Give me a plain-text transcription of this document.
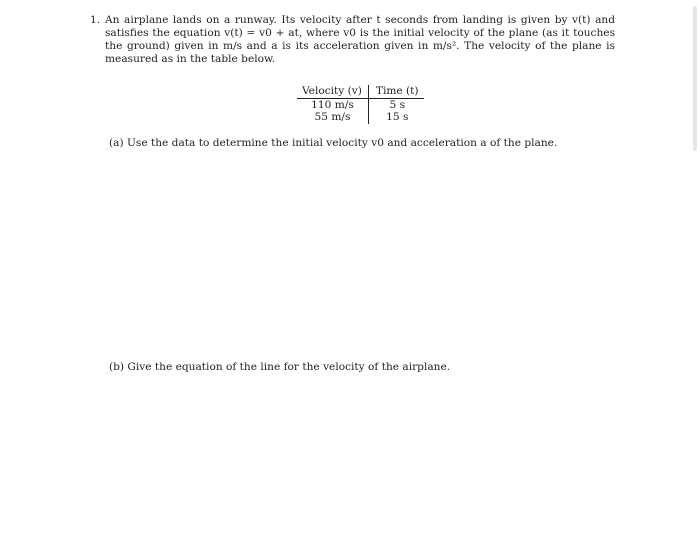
1. An airplane lands on a runway. Its velocity after t seconds from landing is given by v(t) and satisfies the equation v(t) = v0 + at, where v0 is the initial velocity of the plane (as it touches the ground) given in m/s and a is its acceleration given in m/s². The velocity of the plane is measured as in the table below.
Velocity (v)	Time (t)
110 m/s	5 s
55 m/s	15 s
(a) Use the data to determine the initial velocity v0 and acceleration a of the plane.
(b) Give the equation of the line for the velocity of the airplane.
